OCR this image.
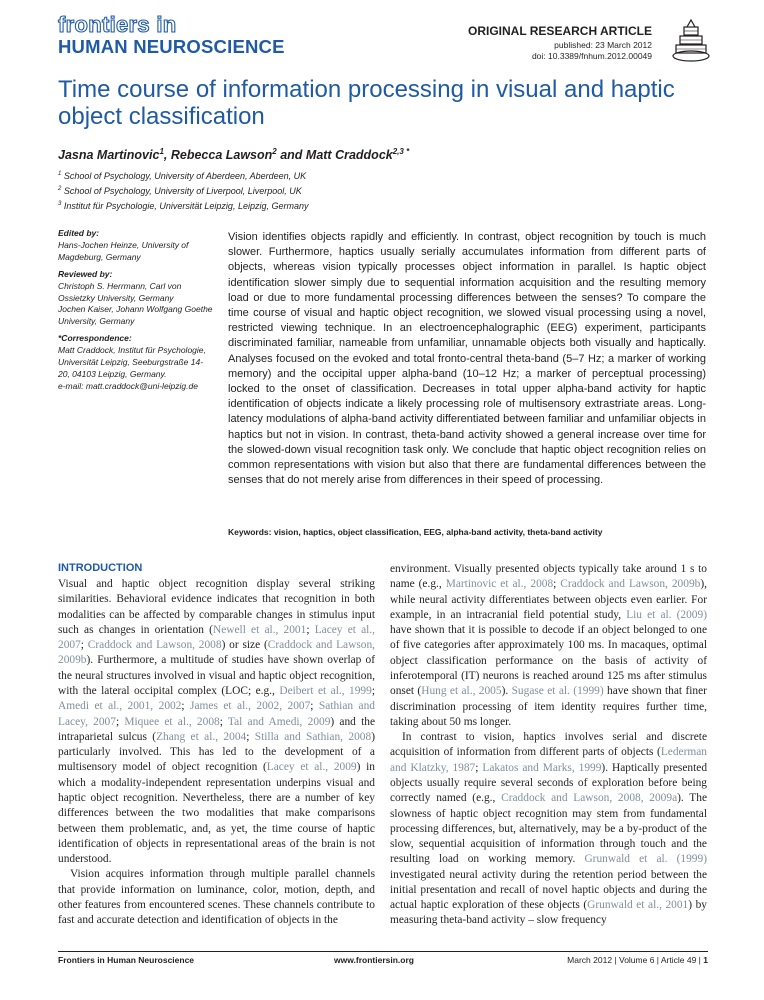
frontiers in
HUMAN NEUROSCIENCE
ORIGINAL RESEARCH ARTICLE
published: 23 March 2012
doi: 10.3389/fnhum.2012.00049
Time course of information processing in visual and haptic object classification
Jasna Martinovic$^1$, Rebecca Lawson$^2$ and Matt Craddock$^{2,3 *}$
$^1$ School of Psychology, University of Aberdeen, Aberdeen, UK
$^2$ School of Psychology, University of Liverpool, Liverpool, UK
$^3$ Institut für Psychologie, Universität Leipzig, Leipzig, Germany
Edited by:
Hans-Jochen Heinze, University of Magdeburg, Germany
Reviewed by:
Christoph S. Herrmann, Carl von Ossietzky University, Germany
Jochen Kaiser, Johann Wolfgang Goethe University, Germany
*Correspondence:
Matt Craddock, Institut für Psychologie, Universität Leipzig, Seeburgstraße 14-20, 04103 Leipzig, Germany.
e-mail: matt.craddock@uni-leipzig.de
Vision identifies objects rapidly and efficiently. In contrast, object recognition by touch is much slower. Furthermore, haptics usually serially accumulates information from different parts of objects, whereas vision typically processes object information in parallel. Is haptic object identification slower simply due to sequential information acquisition and the resulting memory load or due to more fundamental processing differences between the senses? To compare the time course of visual and haptic object recognition, we slowed visual processing using a novel, restricted viewing technique. In an electroencephalographic (EEG) experiment, participants discriminated familiar, nameable from unfamiliar, unnamable objects both visually and haptically. Analyses focused on the evoked and total fronto-central theta-band (5–7 Hz; a marker of working memory) and the occipital upper alpha-band (10–12 Hz; a marker of perceptual processing) locked to the onset of classification. Decreases in total upper alpha-band activity for haptic identification of objects indicate a likely processing role of multisensory extrastriate areas. Long-latency modulations of alpha-band activity differentiated between familiar and unfamiliar objects in haptics but not in vision. In contrast, theta-band activity showed a general increase over time for the slowed-down visual recognition task only. We conclude that haptic object recognition relies on common representations with vision but also that there are fundamental differences between the senses that do not merely arise from differences in their speed of processing.
Keywords: vision, haptics, object classification, EEG, alpha-band activity, theta-band activity
INTRODUCTION

Visual and haptic object recognition display several striking similarities. Behavioral evidence indicates that recognition in both modalities can be affected by comparable changes in stimulus input such as changes in orientation (Newell et al., 2001; Lacey et al., 2007; Craddock and Lawson, 2008) or size (Craddock and Lawson, 2009b). Furthermore, a multitude of studies have shown overlap of the neural structures involved in visual and haptic object recognition, with the lateral occipital complex (LOC; e.g., Deibert et al., 1999; Amedi et al., 2001, 2002; James et al., 2002, 2007; Sathian and Lacey, 2007; Miquee et al., 2008; Tal and Amedi, 2009) and the intraparietal sulcus (Zhang et al., 2004; Stilla and Sathian, 2008) particularly involved. This has led to the development of a multisensory model of object recognition (Lacey et al., 2009) in which a modality-independent representation underpins visual and haptic object recognition. Nevertheless, there are a number of key differences between the two modalities that make comparisons between them problematic, and, as yet, the time course of haptic identification of objects in representational areas of the brain is not understood.

Vision acquires information through multiple parallel channels that provide information on luminance, color, motion, depth, and other features from encountered scenes. These channels contribute to fast and accurate detection and identification of objects in the

environment. Visually presented objects typically take around 1 s to name (e.g., Martinovic et al., 2008; Craddock and Lawson, 2009b), while neural activity differentiates between objects even earlier. For example, in an intracranial field potential study, Liu et al. (2009) have shown that it is possible to decode if an object belonged to one of five categories after approximately 100 ms. In macaques, optimal object classification performance on the basis of activity of inferotemporal (IT) neurons is reached around 125 ms after stimulus onset (Hung et al., 2005). Sugase et al. (1999) have shown that finer discrimination processing of item identity requires further time, taking about 50 ms longer.

In contrast to vision, haptics involves serial and discrete acquisition of information from different parts of objects (Lederman and Klatzky, 1987; Lakatos and Marks, 1999). Haptically presented objects usually require several seconds of exploration before being correctly named (e.g., Craddock and Lawson, 2008, 2009a). The slowness of haptic object recognition may stem from fundamental processing differences, but, alternatively, may be a by-product of the slow, sequential acquisition of information through touch and the resulting load on working memory. Grunwald et al. (1999) investigated neural activity during the retention period between the initial presentation and recall of novel haptic objects and during the actual haptic exploration of these objects (Grunwald et al., 2001) by measuring theta-band activity – slow frequency

Frontiers in Human Neuroscience	www.frontiersin.org	March 2012 | Volume 6 | Article 49 | 1
